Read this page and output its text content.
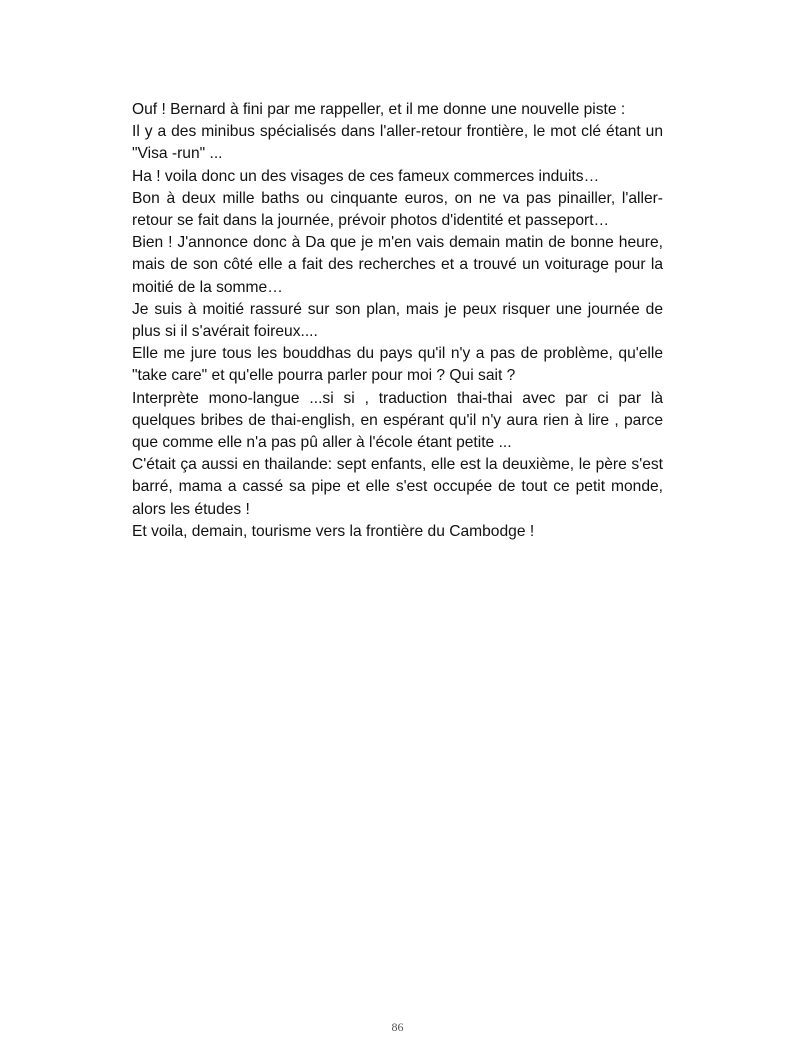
Ouf ! Bernard à fini par me rappeller, et il me donne une nouvelle piste :

Il y a des minibus spécialisés dans l'aller-retour frontière, le mot clé étant un "Visa -run" ...

Ha ! voila donc un des visages de ces fameux commerces induits…

Bon à deux mille baths ou cinquante euros, on ne va pas pinailler, l'aller-retour se fait dans la journée, prévoir photos d'identité et passeport…

Bien ! J'annonce donc à Da que je m'en vais demain matin de bonne heure, mais de son côté elle a fait des recherches et a trouvé un voiturage pour la moitié de la somme…

Je suis à moitié rassuré sur son plan, mais je peux risquer une journée de plus si il s'avérait foireux....

Elle me jure tous les bouddhas du pays qu'il n'y a pas de problème, qu'elle "take care" et qu'elle pourra parler pour moi ? Qui sait ?

Interprète mono-langue ...si si , traduction thai-thai avec par ci par là quelques bribes de thai-english, en espérant qu'il n'y aura rien à lire , parce que comme elle n'a pas pû aller à l'école étant petite ...

C'était ça aussi en thailande: sept enfants, elle est la deuxième, le père s'est barré, mama a cassé sa pipe et elle s'est occupée de tout ce petit monde, alors les études !

Et voila, demain, tourisme vers la frontière du Cambodge !

86
